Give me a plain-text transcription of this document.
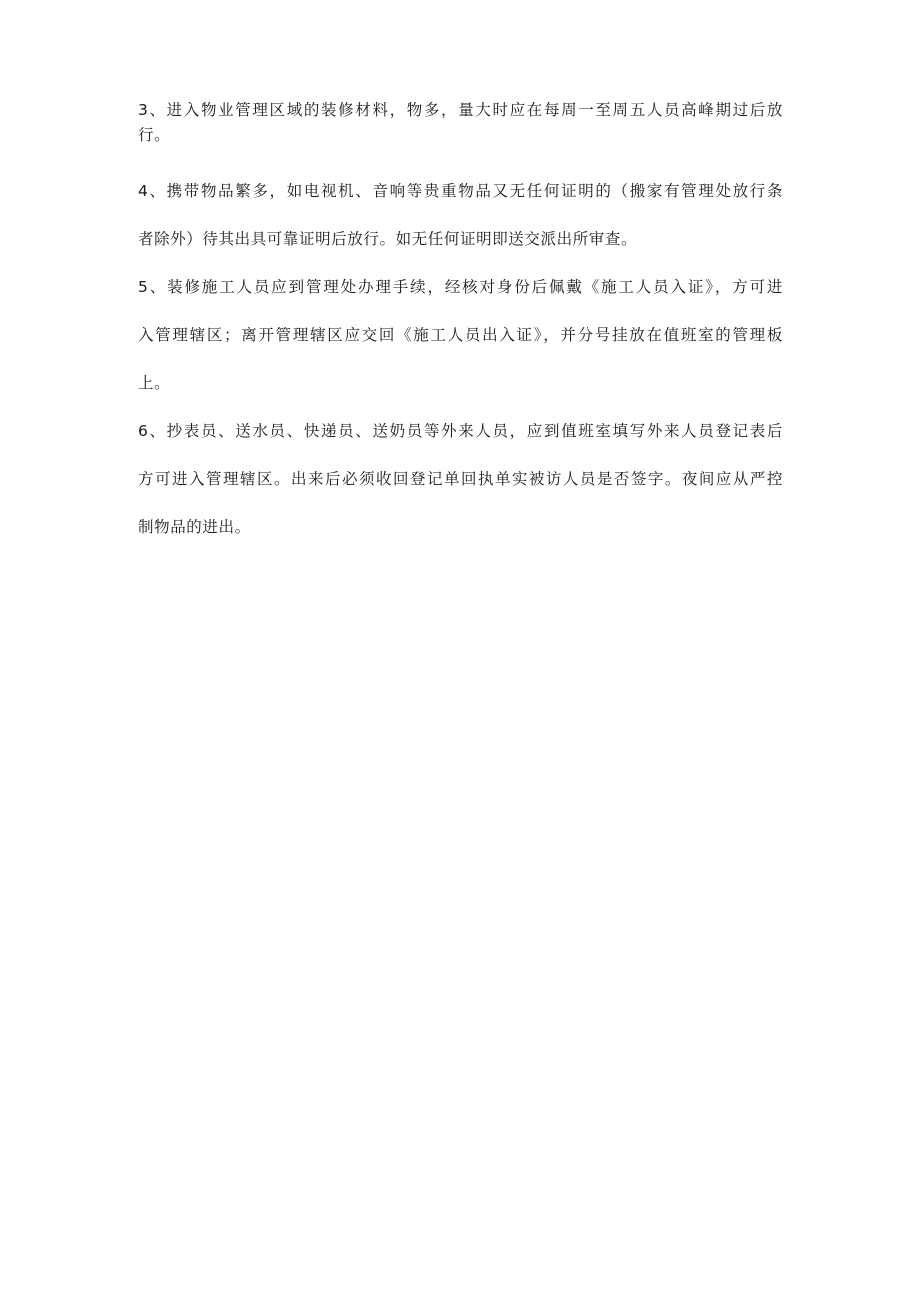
3、进入物业管理区域的装修材料，物多，量大时应在每周一至周五人员高峰期过后放
行。
4、携带物品繁多，如电视机、音响等贵重物品又无任何证明的（搬家有管理处放行条
者除外）待其出具可靠证明后放行。如无任何证明即送交派出所审查。
5、装修施工人员应到管理处办理手续，经核对身份后佩戴《施工人员入证》，方可进
入管理辖区；离开管理辖区应交回《施工人员出入证》，并分号挂放在值班室的管理板
上。
6、抄表员、送水员、快递员、送奶员等外来人员，应到值班室填写外来人员登记表后
方可进入管理辖区。出来后必须收回登记单回执单实被访人员是否签字。夜间应从严控
制物品的进出。
